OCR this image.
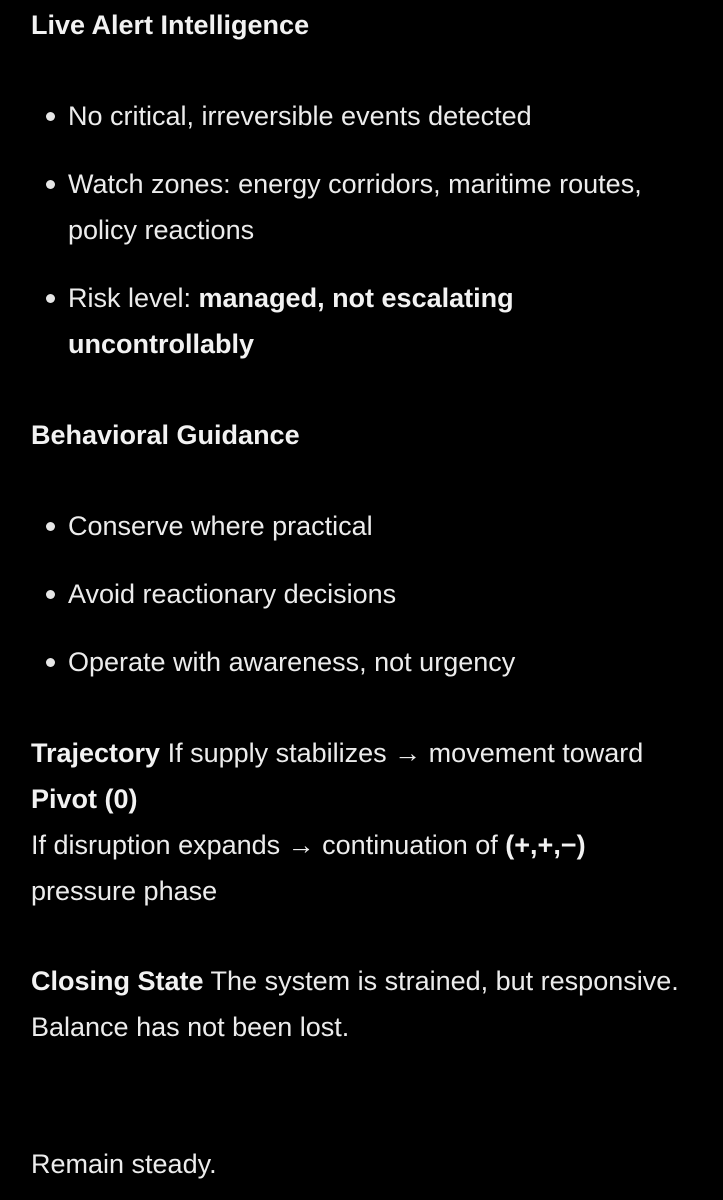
Live Alert Intelligence

No critical, irreversible events detected
Watch zones: energy corridors, maritime routes, policy reactions
Risk level: managed, not escalating uncontrollably

Behavioral Guidance

Conserve where practical
Avoid reactionary decisions
Operate with awareness, not urgency

Trajectory If supply stabilizes → movement toward Pivot (0)
If disruption expands → continuation of (+,+,−) pressure phase

Closing State The system is strained, but responsive.
Balance has not been lost.

Remain steady.
